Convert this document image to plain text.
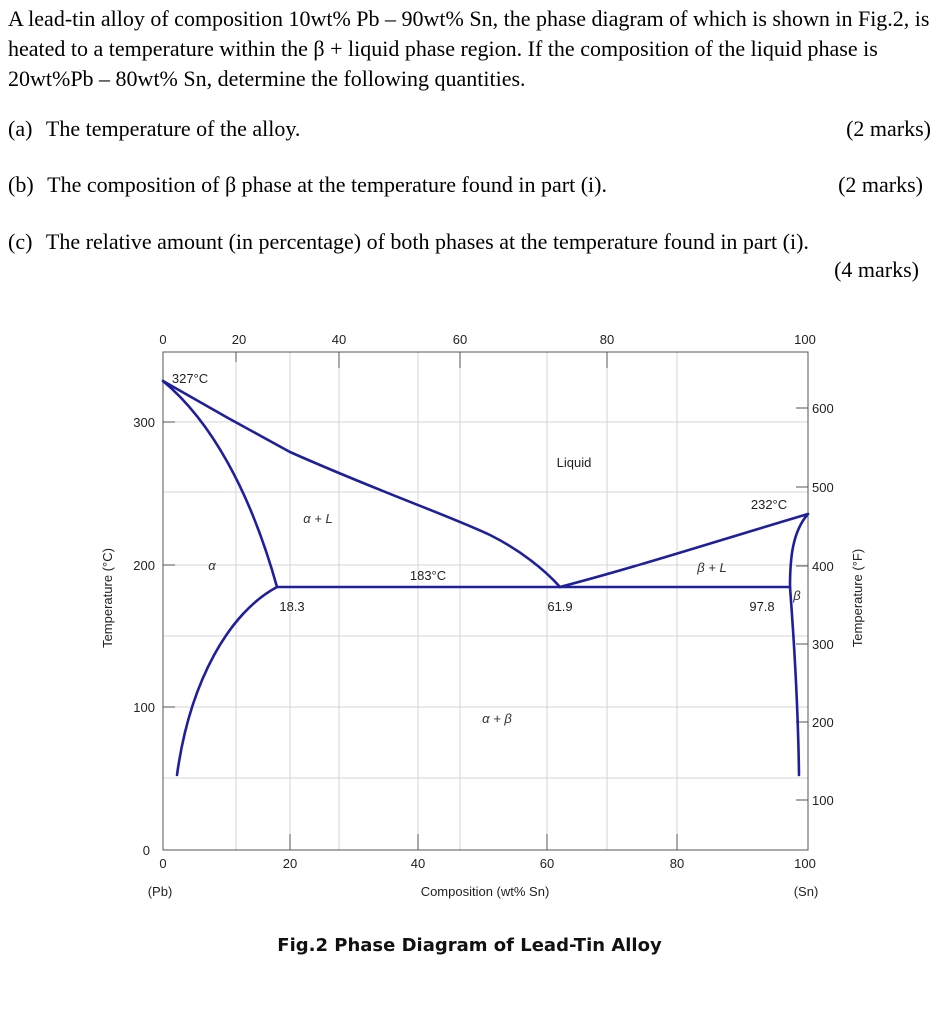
A lead-tin alloy of composition 10wt% Pb – 90wt% Sn, the phase diagram of which is shown in Fig.2, is heated to a temperature within the β + liquid phase region. If the composition of the liquid phase is 20wt%Pb – 80wt% Sn, determine the following quantities.
(a) The temperature of the alloy.	(2 marks)
(b) The composition of β phase at the temperature found in part (i).	(2 marks)
(c) The relative amount (in percentage) of both phases at the temperature found in part (i).
(4 marks)
0	20	40	60	80	100
0	20	40	60	80	100
0
100
200
300
100
200
300
400
500
600
Temperature (°C)	Temperature (°F)
Composition (wt% Sn)
(Pb)	(Sn)
Liquid
α + L
β + L
α
β
α + β
327°C
232°C
183°C
18.3	61.9	97.8
Fig.2 Phase Diagram of Lead-Tin Alloy
